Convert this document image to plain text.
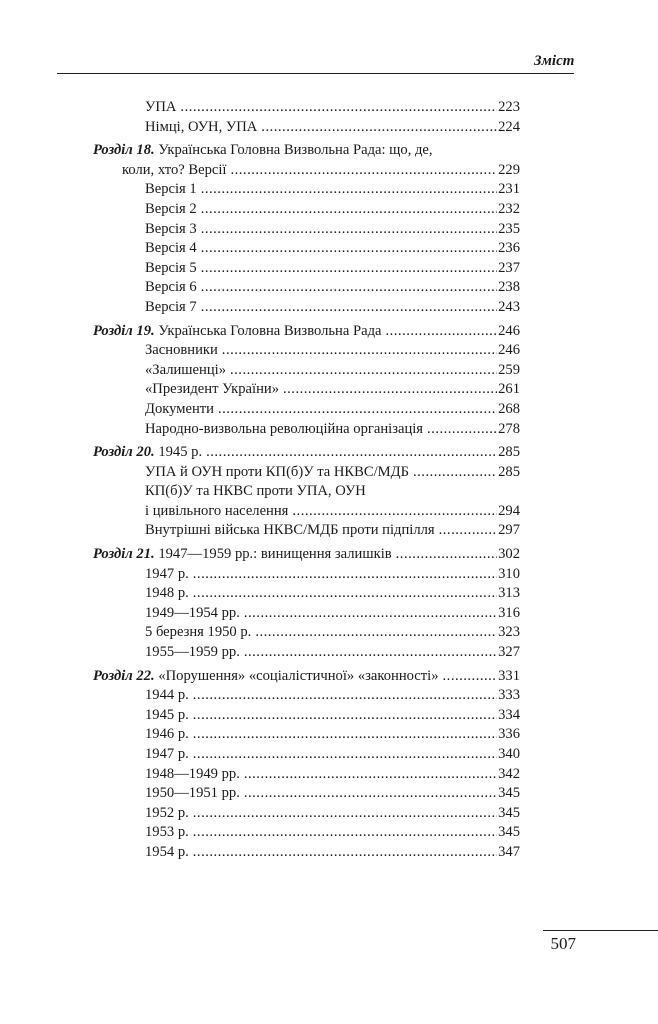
Зміст
УПА .....	223
Німці, ОУН, УПА .....	224
Розділ 18. Українська Головна Визвольна Рада: що, де,
коли, хто? Версії .....	229
Версія 1 .....	231
Версія 2 .....	232
Версія 3 .....	235
Версія 4 .....	236
Версія 5 .....	237
Версія 6 .....	238
Версія 7 .....	243
Розділ 19. Українська Головна Визвольна Рада .....	246
Засновники .....	246
«Залишенці» .....	259
«Президент України» .....	261
Документи .....	268
Народно-визвольна революційна організація .....	278
Розділ 20. 1945 р. .....	285
УПА й ОУН проти КП(б)У та НКВС/МДБ .....	285
КП(б)У та НКВС проти УПА, ОУН
і цивільного населення .....	294
Внутрішні війська НКВС/МДБ проти підпілля .....	297
Розділ 21. 1947—1959 рр.: винищення залишків .....	302
1947 р. .....	310
1948 р. .....	313
1949—1954 рр. .....	316
5 березня 1950 р. .....	323
1955—1959 рр. .....	327
Розділ 22. «Порушення» «соціалістичної» «законності» .....	331
1944 р. .....	333
1945 р. .....	334
1946 р. .....	336
1947 р. .....	340
1948—1949 рр. .....	342
1950—1951 рр. .....	345
1952 р. .....	345
1953 р. .....	345
1954 р. .....	347
507
